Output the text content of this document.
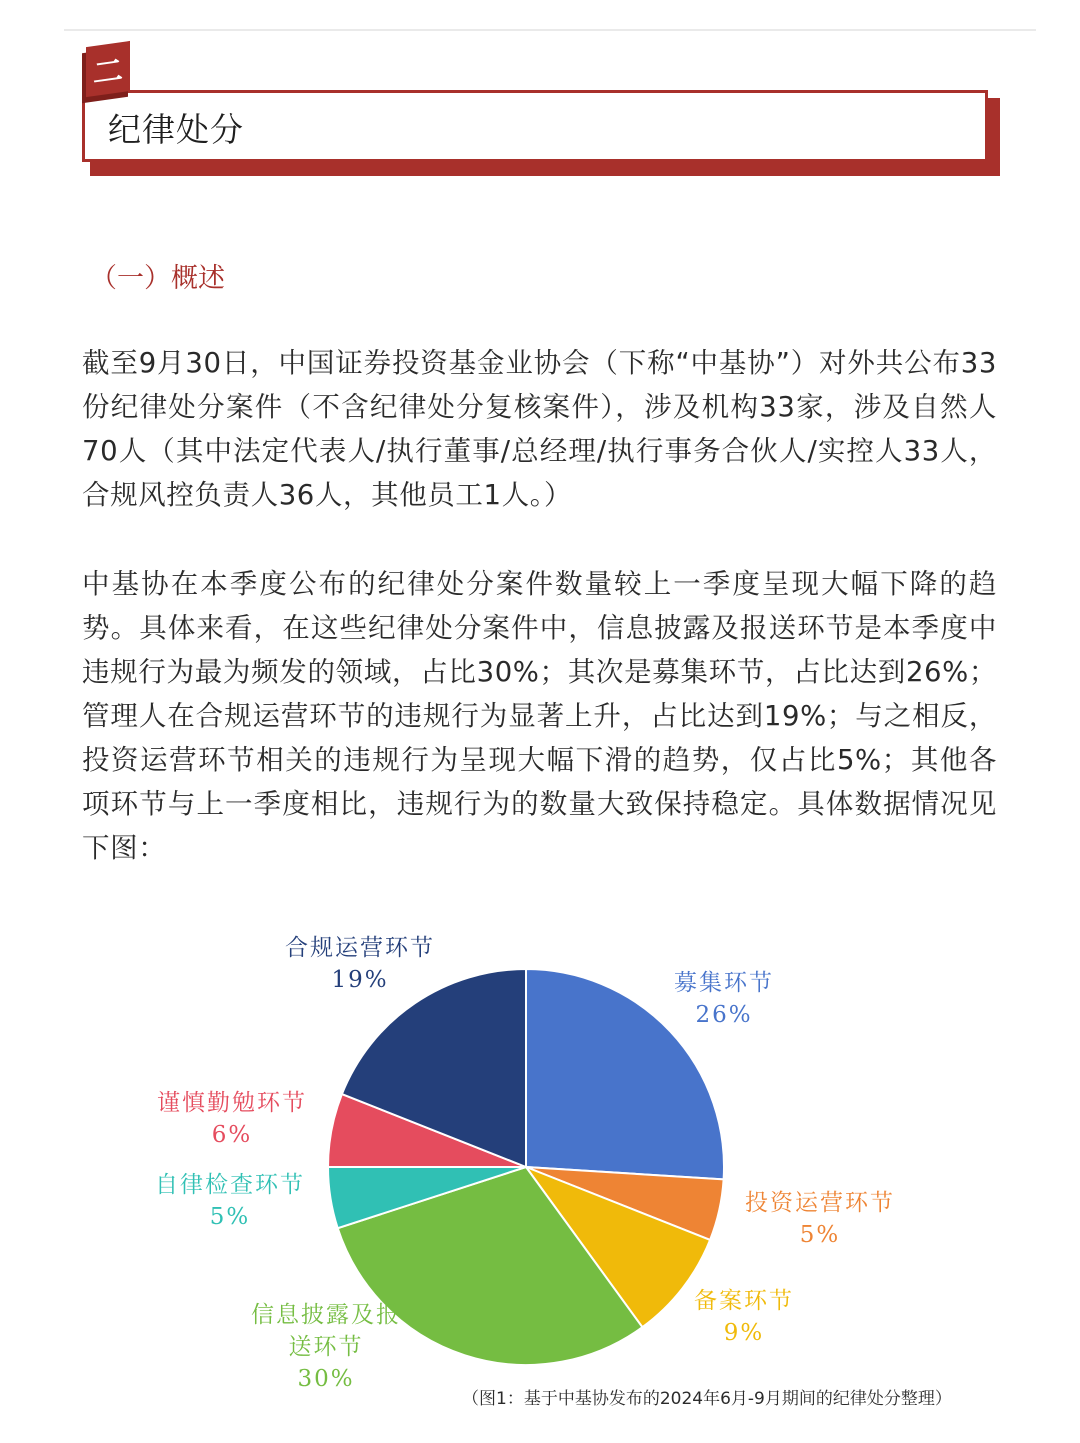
纪律处分
二
（一）概述

截至9月30日，中国证券投资基金业协会（下称“中基协”）对外共公布33份纪律处分案件（不含纪律处分复核案件），涉及机构33家，涉及自然人70人（其中法定代表人/执行董事/总经理/执行事务合伙人/实控人33人，合规风控负责人36人，其他员工1人。）

中基协在本季度公布的纪律处分案件数量较上一季度呈现大幅下降的趋势。具体来看，在这些纪律处分案件中，信息披露及报送环节是本季度中违规行为最为频发的领域，占比30%；其次是募集环节，占比达到26%；管理人在合规运营环节的违规行为显著上升，占比达到19%；与之相反，投资运营环节相关的违规行为呈现大幅下滑的趋势，仅占比5%；其他各项环节与上一季度相比，违规行为的数量大致保持稳定。具体数据情况见下图：

募集环节
26%
投资运营环节
5%
备案环节
9%
信息披露及报
送环节
30%
自律检查环节
5%
谨慎勤勉环节
6%
合规运营环节
19%
（图1：基于中基协发布的2024年6月-9月期间的纪律处分整理）
